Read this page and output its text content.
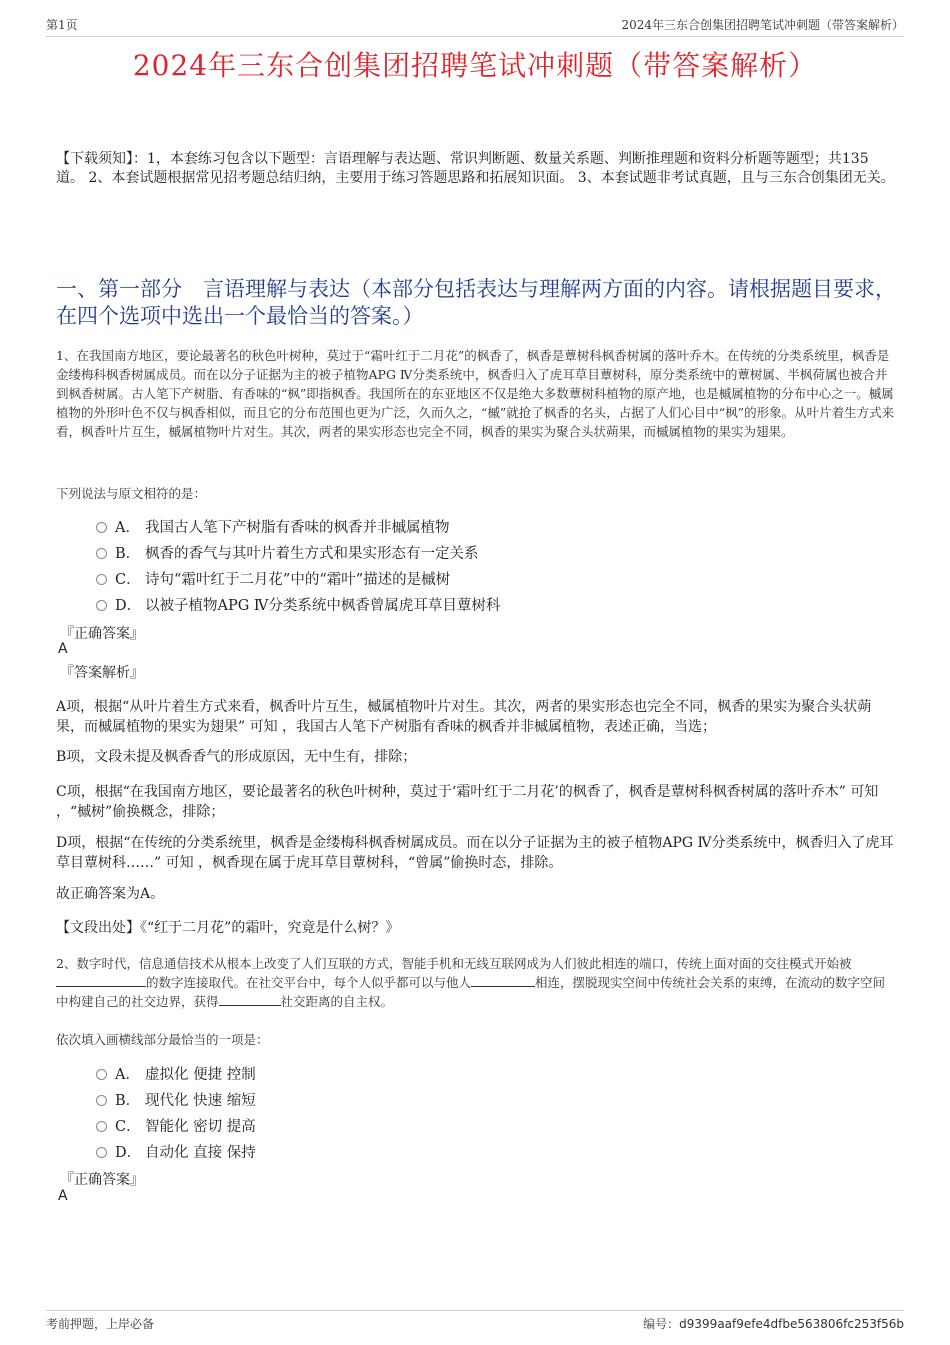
第1页	2024年三东合创集团招聘笔试冲刺题（带答案解析）
2024年三东合创集团招聘笔试冲刺题（带答案解析）
【下载须知】：1，本套练习包含以下题型：言语理解与表达题、常识判断题、数量关系题、判断推理题和资料分析题等题型；共135道。 2、本套试题根据常见招考题总结归纳，主要用于练习答题思路和拓展知识面。 3、本套试题非考试真题，且与三东合创集团无关。
一、第一部分　言语理解与表达（本部分包括表达与理解两方面的内容。请根据题目要求，在四个选项中选出一个最恰当的答案。）
1、在我国南方地区，要论最著名的秋色叶树种，莫过于“霜叶红于二月花”的枫香了，枫香是蕈树科枫香树属的落叶乔木。在传统的分类系统里，枫香是金缕梅科枫香树属成员。而在以分子证据为主的被子植物APG Ⅳ分类系统中，枫香归入了虎耳草目蕈树科，原分类系统中的蕈树属、半枫荷属也被合并到枫香树属。古人笔下产树脂、有香味的“枫”即指枫香。我国所在的东亚地区不仅是绝大多数蕈树科植物的原产地，也是槭属植物的分布中心之一。槭属植物的外形叶色不仅与枫香相似，而且它的分布范围也更为广泛，久而久之，“槭”就抢了枫香的名头，占据了人们心目中“枫”的形象。从叶片着生方式来看，枫香叶片互生，槭属植物叶片对生。其次，两者的果实形态也完全不同，枫香的果实为聚合头状蒴果，而槭属植物的果实为翅果。
下列说法与原文相符的是：
A． 我国古人笔下产树脂有香味的枫香并非槭属植物
B． 枫香的香气与其叶片着生方式和果实形态有一定关系
C． 诗句“霜叶红于二月花”中的“霜叶”描述的是槭树
D． 以被子植物APG Ⅳ分类系统中枫香曾属虎耳草目蕈树科
『正确答案』
A
『答案解析』
A项，根据“从叶片着生方式来看，枫香叶片互生，槭属植物叶片对生。其次，两者的果实形态也完全不同，枫香的果实为聚合头状蒴果，而槭属植物的果实为翅果” 可知 ，我国古人笔下产树脂有香味的枫香并非槭属植物，表述正确，当选；
B项，文段未提及枫香香气的形成原因，无中生有，排除；
C项，根据“在我国南方地区，要论最著名的秋色叶树种，莫过于‘霜叶红于二月花’的枫香了，枫香是蕈树科枫香树属的落叶乔木” 可知 ，“槭树”偷换概念，排除；
D项，根据“在传统的分类系统里，枫香是金缕梅科枫香树属成员。而在以分子证据为主的被子植物APG Ⅳ分类系统中，枫香归入了虎耳草目蕈树科……” 可知 ，枫香现在属于虎耳草目蕈树科，“曾属”偷换时态，排除。
故正确答案为A。
【文段出处】《“红于二月花”的霜叶，究竟是什么树？》
2、数字时代，信息通信技术从根本上改变了人们互联的方式，智能手机和无线互联网成为人们彼此相连的端口，传统上面对面的交往模式开始被的数字连接取代。在社交平台中，每个人似乎都可以与他人	相连，摆脱现实空间中传统社会关系的束缚，在流动的数字空间中构建自己的社交边界，获得	社交距离的自主权。
依次填入画横线部分最恰当的一项是：
A． 虚拟化 便捷 控制
B． 现代化 快速 缩短
C． 智能化 密切 提高
D． 自动化 直接 保持
『正确答案』
A
考前押题，上岸必备	编号：d9399aaf9efe4dfbe563806fc253f56b
